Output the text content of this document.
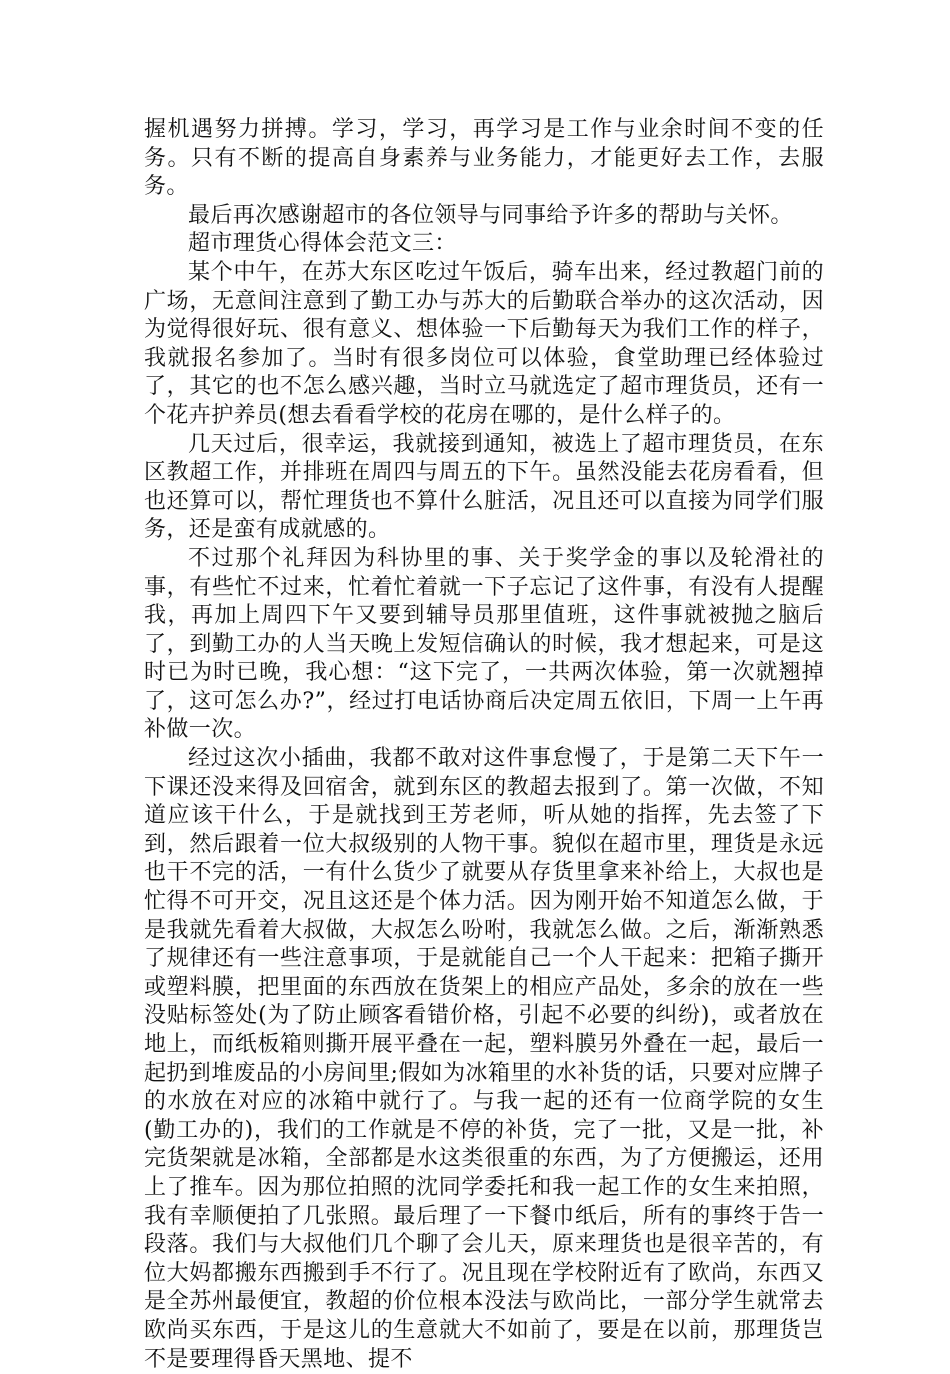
握机遇努力拼搏。学习，学习，再学习是工作与业余时间不变的任务。只有不断的提高自身素养与业务能力，才能更好去工作，去服务。

最后再次感谢超市的各位领导与同事给予许多的帮助与关怀。

超市理货心得体会范文三：

某个中午，在苏大东区吃过午饭后，骑车出来，经过教超门前的广场，无意间注意到了勤工办与苏大的后勤联合举办的这次活动，因为觉得很好玩、很有意义、想体验一下后勤每天为我们工作的样子，我就报名参加了。当时有很多岗位可以体验，食堂助理已经体验过了，其它的也不怎么感兴趣，当时立马就选定了超市理货员，还有一个花卉护养员(想去看看学校的花房在哪的，是什么样子的。

几天过后，很幸运，我就接到通知，被选上了超市理货员，在东区教超工作，并排班在周四与周五的下午。虽然没能去花房看看，但也还算可以，帮忙理货也不算什么脏活，况且还可以直接为同学们服务，还是蛮有成就感的。

不过那个礼拜因为科协里的事、关于奖学金的事以及轮滑社的事，有些忙不过来，忙着忙着就一下子忘记了这件事，有没有人提醒我，再加上周四下午又要到辅导员那里值班，这件事就被抛之脑后了，到勤工办的人当天晚上发短信确认的时候，我才想起来，可是这时已为时已晚，我心想：“这下完了，一共两次体验，第一次就翘掉了，这可怎么办?”，经过打电话协商后决定周五依旧，下周一上午再补做一次。

经过这次小插曲，我都不敢对这件事怠慢了，于是第二天下午一下课还没来得及回宿舍，就到东区的教超去报到了。第一次做，不知道应该干什么，于是就找到王芳老师，听从她的指挥，先去签了下到，然后跟着一位大叔级别的人物干事。貌似在超市里，理货是永远也干不完的活，一有什么货少了就要从存货里拿来补给上，大叔也是忙得不可开交，况且这还是个体力活。因为刚开始不知道怎么做，于是我就先看着大叔做，大叔怎么吩咐，我就怎么做。之后，渐渐熟悉了规律还有一些注意事项，于是就能自己一个人干起来：把箱子撕开或塑料膜，把里面的东西放在货架上的相应产品处，多余的放在一些没贴标签处(为了防止顾客看错价格，引起不必要的纠纷)，或者放在地上，而纸板箱则撕开展平叠在一起，塑料膜另外叠在一起，最后一起扔到堆废品的小房间里;假如为冰箱里的水补货的话，只要对应牌子的水放在对应的冰箱中就行了。与我一起的还有一位商学院的女生(勤工办的)，我们的工作就是不停的补货，完了一批，又是一批，补完货架就是冰箱，全部都是水这类很重的东西，为了方便搬运，还用上了推车。因为那位拍照的沈同学委托和我一起工作的女生来拍照，我有幸顺便拍了几张照。最后理了一下餐巾纸后，所有的事终于告一段落。我们与大叔他们几个聊了会儿天，原来理货也是很辛苦的，有位大妈都搬东西搬到手不行了。况且现在学校附近有了欧尚，东西又是全苏州最便宜，教超的价位根本没法与欧尚比，一部分学生就常去欧尚买东西，于是这儿的生意就大不如前了，要是在以前，那理货岂不是要理得昏天黑地、提不
